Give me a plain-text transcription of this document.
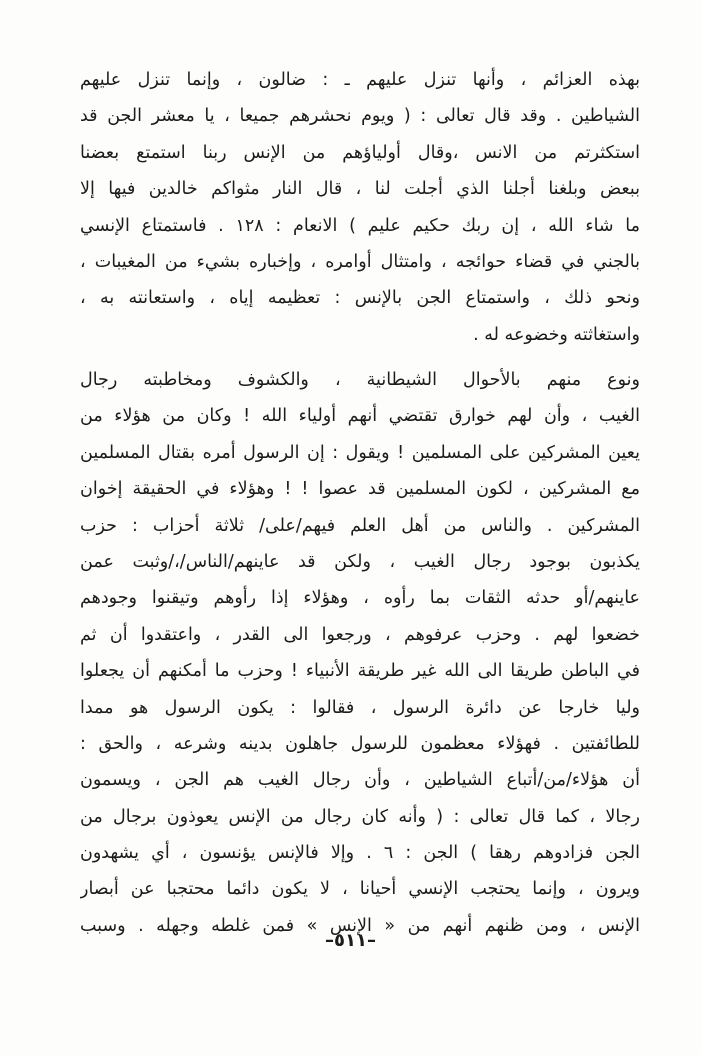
بهذه العزائم ، وأنها تنزل عليهم ـ : ضالون ، وإنما تنزل عليهم
الشياطين . وقد قال تعالى : ( ويوم نحشرهم جميعا ، يا معشر الجن قد
استكثرتم من الانس ،وقال أولياؤهم من الإنس ربنا استمتع بعضنا
ببعض وبلغنا أجلنا الذي أجلت لنا ، قال النار مثواكم خالدين فيها إلا
ما شاء الله ، إن ربك حكيم عليم ) الانعام : ١٢٨ . فاستمتاع الإنسي
بالجني في قضاء حوائجه ، وامتثال أوامره ، وإخباره بشيء من المغيبات ،
ونحو ذلك ، واستمتاع الجن بالإنس : تعظيمه إياه ، واستعانته به ،
واستغاثته وخضوعه له .
ونوع منهم بالأحوال الشيطانية ، والكشوف ومخاطبته رجال
الغيب ، وأن لهم خوارق تقتضي أنهم أولياء الله ! وكان من هؤلاء من
يعين المشركين على المسلمين ! ويقول : إن الرسول أمره بقتال المسلمين
مع المشركين ، لكون المسلمين قد عصوا ! ! وهؤلاء في الحقيقة إخوان
المشركين . والناس من أهل العلم فيهم/على/ ثلاثة أحزاب : حزب
يكذبون بوجود رجال الغيب ، ولكن قد عاينهم/الناس/،/وثبت عمن
عاينهم/أو حدثه الثقات بما رأوه ، وهؤلاء إذا رأوهم وتيقنوا وجودهم
خضعوا لهم . وحزب عرفوهم ، ورجعوا الى القدر ، واعتقدوا أن ثم
في الباطن طريقا الى الله غير طريقة الأنبياء ! وحزب ما أمكنهم أن يجعلوا
وليا خارجا عن دائرة الرسول ، فقالوا : يكون الرسول هو ممدا
للطائفتين . فهؤلاء معظمون للرسول جاهلون بدينه وشرعه ، والحق :
أن هؤلاء/من/أتباع الشياطين ، وأن رجال الغيب هم الجن ، ويسمون
رجالا ، كما قال تعالى : ( وأنه كان رجال من الإنس يعوذون برجال من
الجن فزادوهم رهقا ) الجن : ٦ . وإلا فالإنس يؤنسون ، أي يشهدون
ويرون ، وإنما يحتجب الإنسي أحيانا ، لا يكون دائما محتجبا عن أبصار
الإنس ، ومن ظنهم أنهم من « الإنس » فمن غلطه وجهله . وسبب
–٥١١–
